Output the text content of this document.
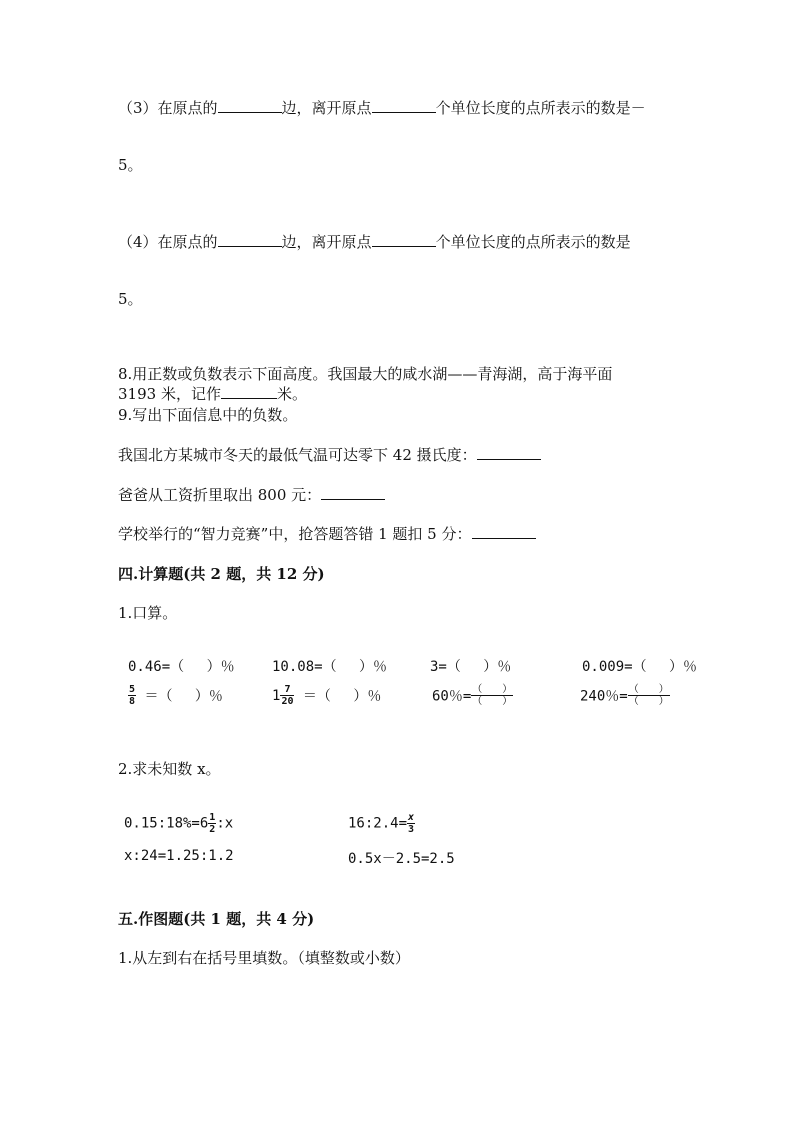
（3）在原点的	边，离开原点	个单位长度的点所表示的数是－
5。
（4）在原点的	边，离开原点	个单位长度的点所表示的数是
5。
8.用正数或负数表示下面高度。我国最大的咸水湖——青海湖，高于海平面
3193 米，记作	米。
9.写出下面信息中的负数。
我国北方某城市冬天的最低气温可达零下 42 摄氏度：
爸爸从工资折里取出 800 元：
学校举行的“智力竞赛”中，抢答题答错 1 题扣 5 分：
四.计算题(共 2 题，共 12 分)
1.口算。
0.46=（　 ）％	10.08=（　 ）％	3=（　 ）％	0.009=（　 ）％
$\frac{5}{8}$ ＝（　 ）％	$1 \frac{7}{20}$ ＝（　 ）％	60％= $\frac{( )}{( )}$	240％= $\frac{( )}{( )}$
2.求未知数 x。
0.15:18%=6 $\frac{1}{2}$ :x	16:2.4= $\frac{x}{3}$
x:24=1.25:1.2	0.5x－2.5=2.5
五.作图题(共 1 题，共 4 分)
1.从左到右在括号里填数。（填整数或小数）
